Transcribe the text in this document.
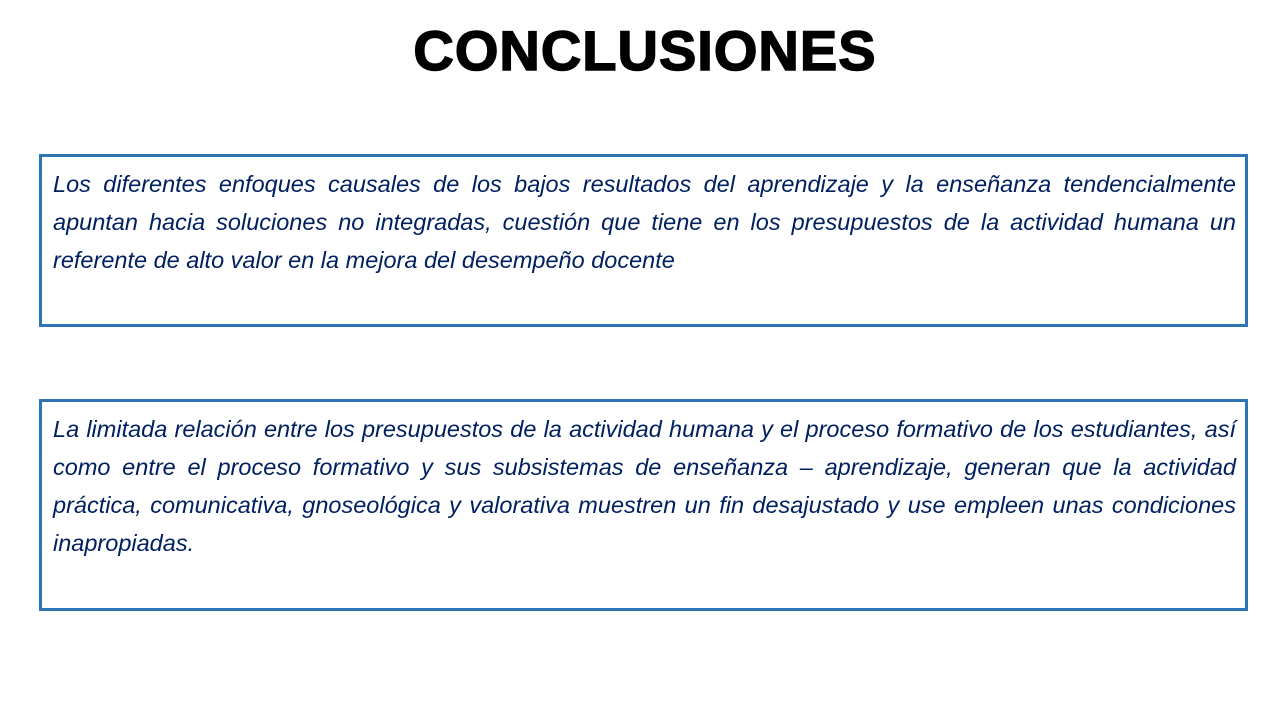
CONCLUSIONES

Los diferentes enfoques causales de los bajos resultados del aprendizaje y la enseñanza tendencialmente apuntan hacia soluciones no integradas, cuestión que tiene en los presupuestos de la actividad humana un referente de alto valor en la mejora del desempeño docente

La limitada relación entre los presupuestos de la actividad humana y el proceso formativo de los estudiantes, así como entre el proceso formativo y sus subsistemas de enseñanza – aprendizaje, generan que la actividad práctica, comunicativa, gnoseológica y valorativa muestren un fin desajustado y use empleen unas condiciones inapropiadas.
